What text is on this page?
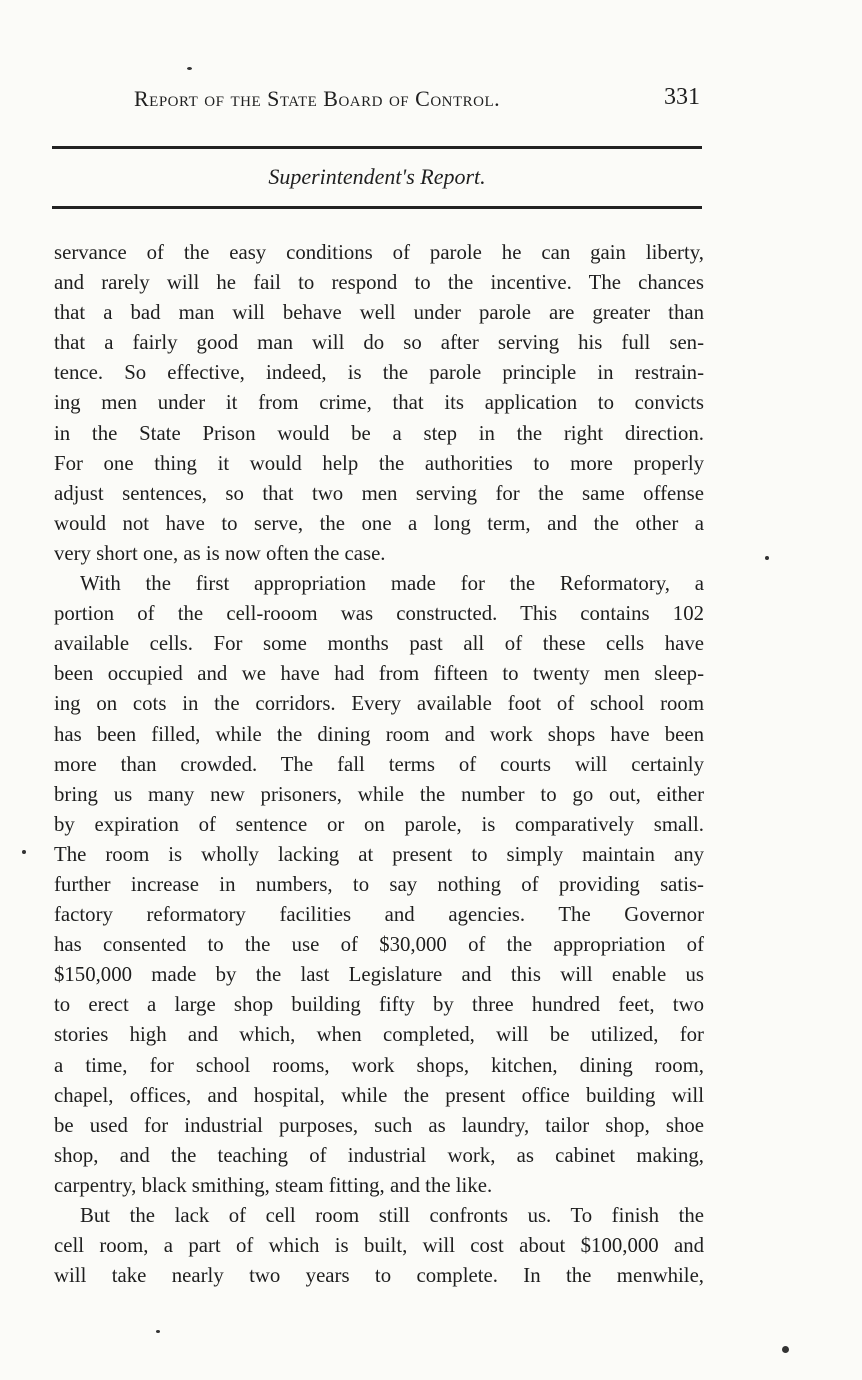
Report of the State Board of Control.	331
Superintendent's Report.
servance of the easy conditions of parole he can gain liberty,
and rarely will he fail to respond to the incentive. The chances
that a bad man will behave well under parole are greater than
that a fairly good man will do so after serving his full sen-
tence. So effective, indeed, is the parole principle in restrain-
ing men under it from crime, that its application to convicts
in the State Prison would be a step in the right direction.
For one thing it would help the authorities to more properly
adjust sentences, so that two men serving for the same offense
would not have to serve, the one a long term, and the other a
very short one, as is now often the case.
With the first appropriation made for the Reformatory, a
portion of the cell-rooom was constructed. This contains 102
available cells. For some months past all of these cells have
been occupied and we have had from fifteen to twenty men sleep-
ing on cots in the corridors. Every available foot of school room
has been filled, while the dining room and work shops have been
more than crowded. The fall terms of courts will certainly
bring us many new prisoners, while the number to go out, either
by expiration of sentence or on parole, is comparatively small.
The room is wholly lacking at present to simply maintain any
further increase in numbers, to say nothing of providing satis-
factory reformatory facilities and agencies. The Governor
has consented to the use of $30,000 of the appropriation of
$150,000 made by the last Legislature and this will enable us
to erect a large shop building fifty by three hundred feet, two
stories high and which, when completed, will be utilized, for
a time, for school rooms, work shops, kitchen, dining room,
chapel, offices, and hospital, while the present office building will
be used for industrial purposes, such as laundry, tailor shop, shoe
shop, and the teaching of industrial work, as cabinet making,
carpentry, black smithing, steam fitting, and the like.
But the lack of cell room still confronts us. To finish the
cell room, a part of which is built, will cost about $100,000 and
will take nearly two years to complete. In the menwhile,
